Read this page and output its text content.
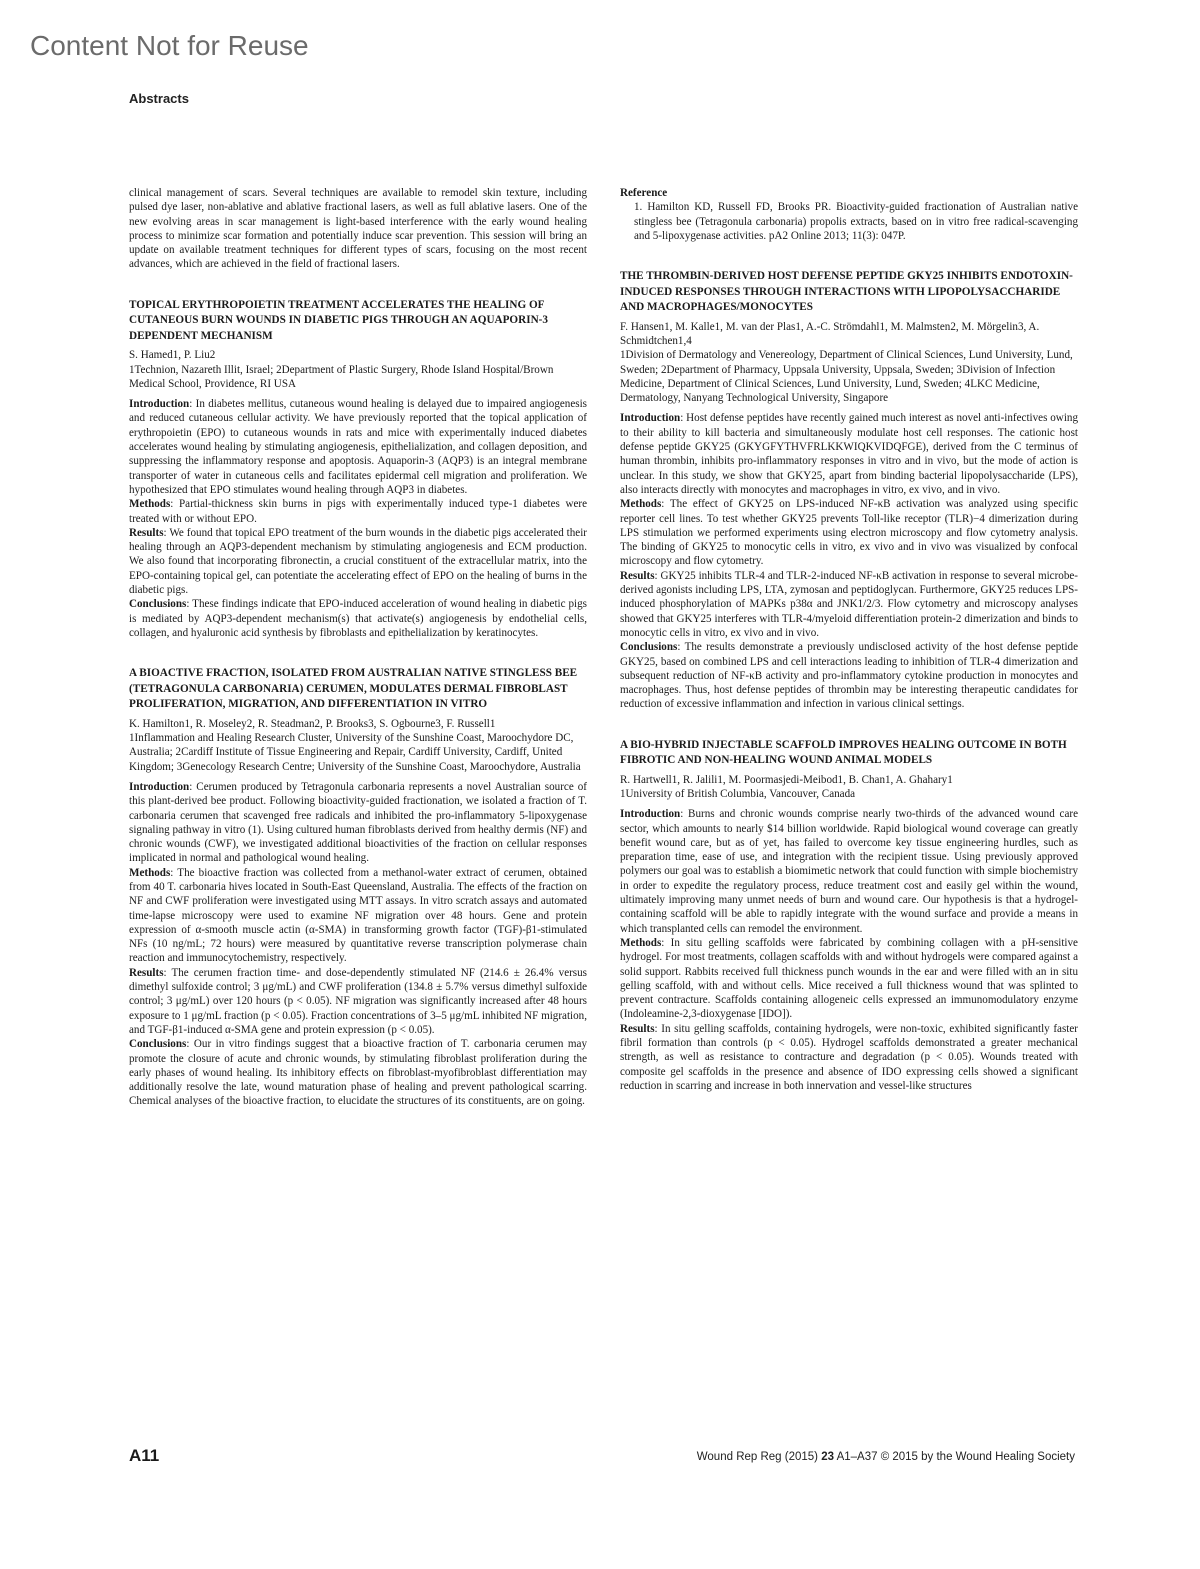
Content Not for Reuse
Abstracts

clinical management of scars. Several techniques are available to remodel skin texture, including pulsed dye laser, non-ablative and ablative fractional lasers, as well as full ablative lasers. One of the new evolving areas in scar management is light-based interference with the early wound healing process to minimize scar formation and potentially induce scar prevention. This session will bring an update on available treatment techniques for different types of scars, focusing on the most recent advances, which are achieved in the field of fractional lasers.

TOPICAL ERYTHROPOIETIN TREATMENT ACCELERATES THE HEALING OF CUTANEOUS BURN WOUNDS IN DIABETIC PIGS THROUGH AN AQUAPORIN-3 DEPENDENT MECHANISM
S. Hamed1, P. Liu2
1Technion, Nazareth Illit, Israel; 2Department of Plastic Surgery, Rhode Island Hospital/Brown Medical School, Providence, RI USA

Introduction: In diabetes mellitus, cutaneous wound healing is delayed due to impaired angiogenesis and reduced cutaneous cellular activity. We have previously reported that the topical application of erythropoietin (EPO) to cutaneous wounds in rats and mice with experimentally induced diabetes accelerates wound healing by stimulating angiogenesis, epithelialization, and collagen deposition, and suppressing the inflammatory response and apoptosis. Aquaporin-3 (AQP3) is an integral membrane transporter of water in cutaneous cells and facilitates epidermal cell migration and proliferation. We hypothesized that EPO stimulates wound healing through AQP3 in diabetes.

Methods: Partial-thickness skin burns in pigs with experimentally induced type-1 diabetes were treated with or without EPO.

Results: We found that topical EPO treatment of the burn wounds in the diabetic pigs accelerated their healing through an AQP3-dependent mechanism by stimulating angiogenesis and ECM production. We also found that incorporating fibronectin, a crucial constituent of the extracellular matrix, into the EPO-containing topical gel, can potentiate the accelerating effect of EPO on the healing of burns in the diabetic pigs.

Conclusions: These findings indicate that EPO-induced acceleration of wound healing in diabetic pigs is mediated by AQP3-dependent mechanism(s) that activate(s) angiogenesis by endothelial cells, collagen, and hyaluronic acid synthesis by fibroblasts and epithelialization by keratinocytes.

A BIOACTIVE FRACTION, ISOLATED FROM AUSTRALIAN NATIVE STINGLESS BEE (TETRAGONULA CARBONARIA) CERUMEN, MODULATES DERMAL FIBROBLAST PROLIFERATION, MIGRATION, AND DIFFERENTIATION IN VITRO
K. Hamilton1, R. Moseley2, R. Steadman2, P. Brooks3, S. Ogbourne3, F. Russell1
1Inflammation and Healing Research Cluster, University of the Sunshine Coast, Maroochydore DC, Australia; 2Cardiff Institute of Tissue Engineering and Repair, Cardiff University, Cardiff, United Kingdom; 3Genecology Research Centre; University of the Sunshine Coast, Maroochydore, Australia

Introduction: Cerumen produced by Tetragonula carbonaria represents a novel Australian source of this plant-derived bee product. Following bioactivity-guided fractionation, we isolated a fraction of T. carbonaria cerumen that scavenged free radicals and inhibited the pro-inflammatory 5-lipoxygenase signaling pathway in vitro (1). Using cultured human fibroblasts derived from healthy dermis (NF) and chronic wounds (CWF), we investigated additional bioactivities of the fraction on cellular responses implicated in normal and pathological wound healing.

Methods: The bioactive fraction was collected from a methanol-water extract of cerumen, obtained from 40 T. carbonaria hives located in South-East Queensland, Australia. The effects of the fraction on NF and CWF proliferation were investigated using MTT assays. In vitro scratch assays and automated time-lapse microscopy were used to examine NF migration over 48 hours. Gene and protein expression of α-smooth muscle actin (α-SMA) in transforming growth factor (TGF)-β1-stimulated NFs (10 ng/mL; 72 hours) were measured by quantitative reverse transcription polymerase chain reaction and immunocytochemistry, respectively.

Results: The cerumen fraction time- and dose-dependently stimulated NF (214.6 ± 26.4% versus dimethyl sulfoxide control; 3 μg/mL) and CWF proliferation (134.8 ± 5.7% versus dimethyl sulfoxide control; 3 μg/mL) over 120 hours (p < 0.05). NF migration was significantly increased after 48 hours exposure to 1 μg/mL fraction (p < 0.05). Fraction concentrations of 3–5 μg/mL inhibited NF migration, and TGF-β1-induced α-SMA gene and protein expression (p < 0.05).

Conclusions: Our in vitro findings suggest that a bioactive fraction of T. carbonaria cerumen may promote the closure of acute and chronic wounds, by stimulating fibroblast proliferation during the early phases of wound healing. Its inhibitory effects on fibroblast-myofibroblast differentiation may additionally resolve the late, wound maturation phase of healing and prevent pathological scarring. Chemical analyses of the bioactive fraction, to elucidate the structures of its constituents, are on going.

Reference

1. Hamilton KD, Russell FD, Brooks PR. Bioactivity-guided fractionation of Australian native stingless bee (Tetragonula carbonaria) propolis extracts, based on in vitro free radical-scavenging and 5-lipoxygenase activities. pA2 Online 2013; 11(3): 047P.

THE THROMBIN-DERIVED HOST DEFENSE PEPTIDE GKY25 INHIBITS ENDOTOXIN-INDUCED RESPONSES THROUGH INTERACTIONS WITH LIPOPOLYSACCHARIDE AND MACROPHAGES/MONOCYTES
F. Hansen1, M. Kalle1, M. van der Plas1, A.-C. Strömdahl1, M. Malmsten2, M. Mörgelin3, A. Schmidtchen1,4
1Division of Dermatology and Venereology, Department of Clinical Sciences, Lund University, Lund, Sweden; 2Department of Pharmacy, Uppsala University, Uppsala, Sweden; 3Division of Infection Medicine, Department of Clinical Sciences, Lund University, Lund, Sweden; 4LKC Medicine, Dermatology, Nanyang Technological University, Singapore

Introduction: Host defense peptides have recently gained much interest as novel anti-infectives owing to their ability to kill bacteria and simultaneously modulate host cell responses. The cationic host defense peptide GKY25 (GKYGFYTHVFRLKKWIQKVIDQFGE), derived from the C terminus of human thrombin, inhibits pro-inflammatory responses in vitro and in vivo, but the mode of action is unclear. In this study, we show that GKY25, apart from binding bacterial lipopolysaccharide (LPS), also interacts directly with monocytes and macrophages in vitro, ex vivo, and in vivo.

Methods: The effect of GKY25 on LPS-induced NF-κB activation was analyzed using specific reporter cell lines. To test whether GKY25 prevents Toll-like receptor (TLR)−4 dimerization during LPS stimulation we performed experiments using electron microscopy and flow cytometry analysis. The binding of GKY25 to monocytic cells in vitro, ex vivo and in vivo was visualized by confocal microscopy and flow cytometry.

Results: GKY25 inhibits TLR-4 and TLR-2-induced NF-κB activation in response to several microbe-derived agonists including LPS, LTA, zymosan and peptidoglycan. Furthermore, GKY25 reduces LPS-induced phosphorylation of MAPKs p38α and JNK1/2/3. Flow cytometry and microscopy analyses showed that GKY25 interferes with TLR-4/myeloid differentiation protein-2 dimerization and binds to monocytic cells in vitro, ex vivo and in vivo.

Conclusions: The results demonstrate a previously undisclosed activity of the host defense peptide GKY25, based on combined LPS and cell interactions leading to inhibition of TLR-4 dimerization and subsequent reduction of NF-κB activity and pro-inflammatory cytokine production in monocytes and macrophages. Thus, host defense peptides of thrombin may be interesting therapeutic candidates for reduction of excessive inflammation and infection in various clinical settings.

A BIO-HYBRID INJECTABLE SCAFFOLD IMPROVES HEALING OUTCOME IN BOTH FIBROTIC AND NON-HEALING WOUND ANIMAL MODELS
R. Hartwell1, R. Jalili1, M. Poormasjedi-Meibod1, B. Chan1, A. Ghahary1
1University of British Columbia, Vancouver, Canada

Introduction: Burns and chronic wounds comprise nearly two-thirds of the advanced wound care sector, which amounts to nearly $14 billion worldwide. Rapid biological wound coverage can greatly benefit wound care, but as of yet, has failed to overcome key tissue engineering hurdles, such as preparation time, ease of use, and integration with the recipient tissue. Using previously approved polymers our goal was to establish a biomimetic network that could function with simple biochemistry in order to expedite the regulatory process, reduce treatment cost and easily gel within the wound, ultimately improving many unmet needs of burn and wound care. Our hypothesis is that a hydrogel-containing scaffold will be able to rapidly integrate with the wound surface and provide a means in which transplanted cells can remodel the environment.

Methods: In situ gelling scaffolds were fabricated by combining collagen with a pH-sensitive hydrogel. For most treatments, collagen scaffolds with and without hydrogels were compared against a solid support. Rabbits received full thickness punch wounds in the ear and were filled with an in situ gelling scaffold, with and without cells. Mice received a full thickness wound that was splinted to prevent contracture. Scaffolds containing allogeneic cells expressed an immunomodulatory enzyme (Indoleamine-2,3-dioxygenase [IDO]).

Results: In situ gelling scaffolds, containing hydrogels, were non-toxic, exhibited significantly faster fibril formation than controls (p < 0.05). Hydrogel scaffolds demonstrated a greater mechanical strength, as well as resistance to contracture and degradation (p < 0.05). Wounds treated with composite gel scaffolds in the presence and absence of IDO expressing cells showed a significant reduction in scarring and increase in both innervation and vessel-like structures

A11	Wound Rep Reg (2015) 23 A1–A37 © 2015 by the Wound Healing Society
